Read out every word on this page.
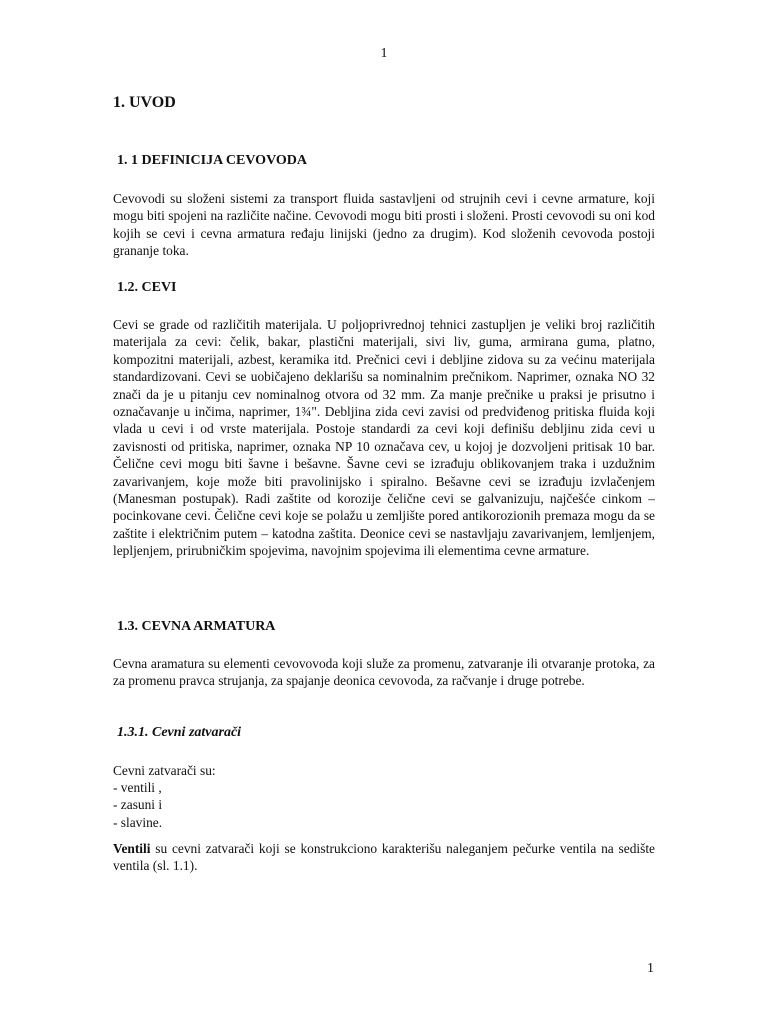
1
1. UVOD
1. 1 DEFINICIJA CEVOVODA

Cevovodi su složeni sistemi za transport fluida sastavljeni od strujnih cevi i cevne armature, koji mogu biti spojeni na različite načine. Cevovodi mogu biti prosti i složeni. Prosti cevovodi su oni kod kojih se cevi i cevna armatura ređaju linijski (jedno za drugim). Kod složenih cevovoda postoji grananje toka.

1.2. CEVI

Cevi se grade od različitih materijala. U poljoprivrednoj tehnici zastupljen je veliki broj različitih materijala za cevi: čelik, bakar, plastični materijali, sivi liv, guma, armirana guma, platno, kompozitni materijali, azbest, keramika itd. Prečnici cevi i debljine zidova su za većinu materijala standardizovani. Cevi se uobičajeno deklarišu sa nominalnim prečnikom. Naprimer, oznaka NO 32 znači da je u pitanju cev nominalnog otvora od 32 mm. Za manje prečnike u praksi je prisutno i označavanje u inčima, naprimer, 1¾". Debljina zida cevi zavisi od predviđenog pritiska fluida koji vlada u cevi i od vrste materijala. Postoje standardi za cevi koji definišu debljinu zida cevi u zavisnosti od pritiska, naprimer, oznaka NP 10 označava cev, u kojoj je dozvoljeni pritisak 10 bar. Čelične cevi mogu biti šavne i bešavne. Šavne cevi se izrađuju oblikovanjem traka i uzdužnim zavarivanjem, koje može biti pravolinijsko i spiralno. Bešavne cevi se izrađuju izvlačenjem (Manesman postupak). Radi zaštite od korozije čelične cevi se galvanizuju, najčešće cinkom – pocinkovane cevi. Čelične cevi koje se polažu u zemljište pored antikorozionih premaza mogu da se zaštite i električnim putem – katodna zaštita. Deonice cevi se nastavljaju zavarivanjem, lemljenjem, lepljenjem, prirubničkim spojevima, navojnim spojevima ili elementima cevne armature.

1.3. CEVNA ARMATURA

Cevna aramatura su elementi cevovovoda koji služe za promenu, zatvaranje ili otvaranje protoka, za za promenu pravca strujanja, za spajanje deonica cevovoda, za račvanje i druge potrebe.

1.3.1. Cevni zatvarači
Cevni zatvarači su:
- ventili ,
- zasuni i
- slavine.

Ventili su cevni zatvarači koji se konstrukciono karakterišu naleganjem pečurke ventila na sedište ventila (sl. 1.1).

1
